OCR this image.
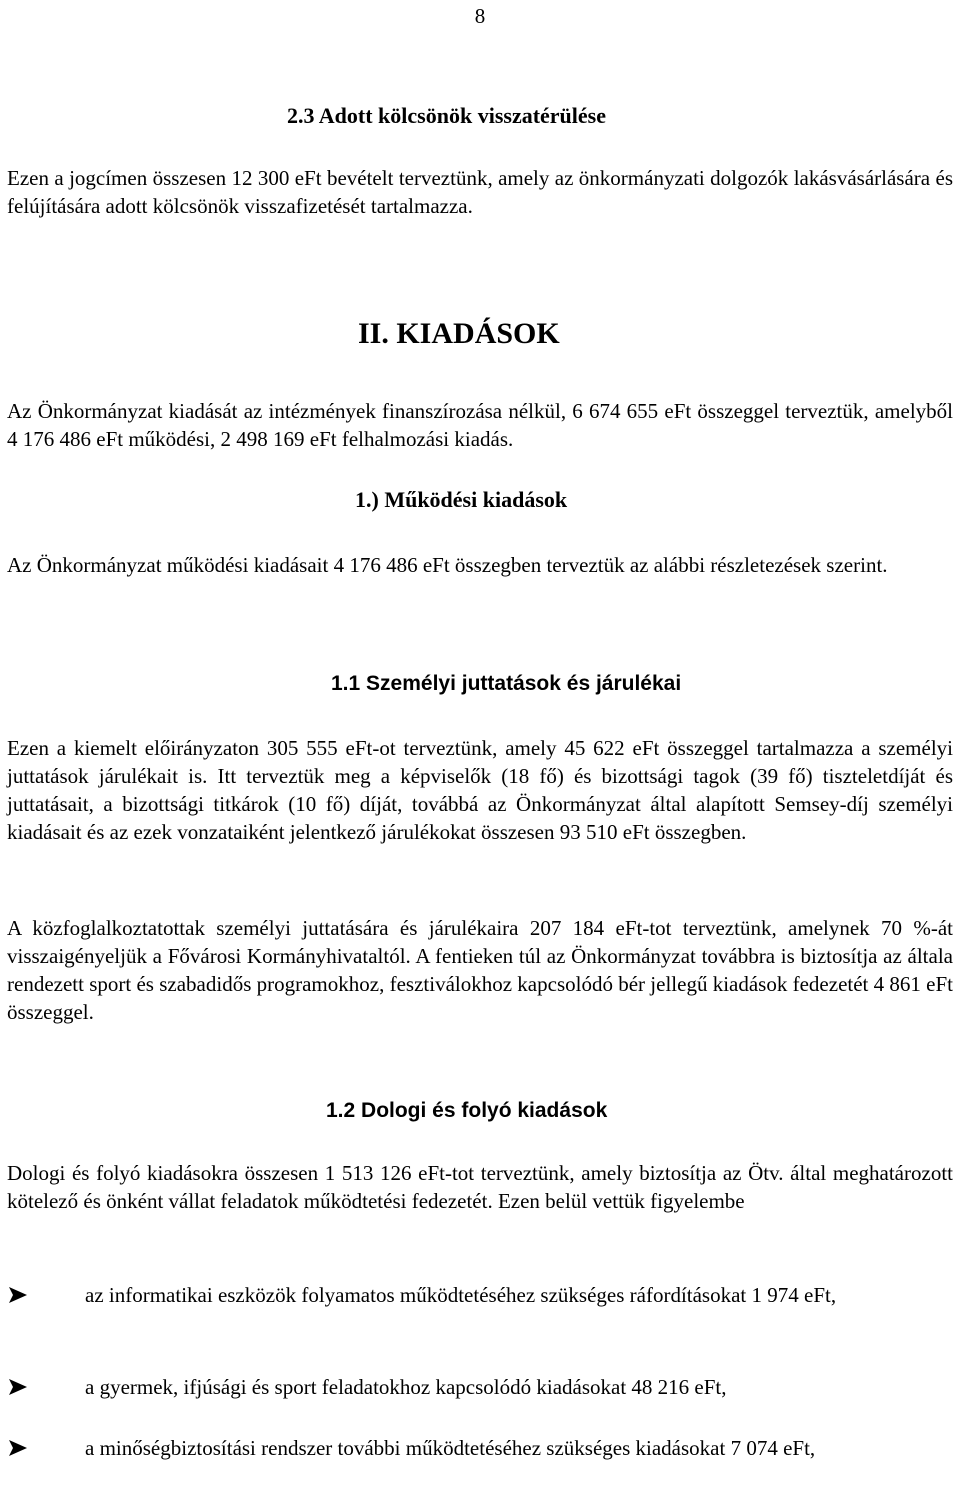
8
2.3 Adott kölcsönök visszatérülése
Ezen a jogcímen összesen 12 300 eFt bevételt terveztünk, amely az önkormányzati dolgozók lakásvásárlására és felújítására adott kölcsönök visszafizetését tartalmazza.
II. KIADÁSOK
Az Önkormányzat kiadását az intézmények finanszírozása nélkül, 6 674 655 eFt összeggel terveztük, amelyből 4 176 486 eFt működési, 2 498 169 eFt felhalmozási kiadás.
1.) Működési kiadások
Az Önkormányzat működési kiadásait 4 176 486 eFt összegben terveztük az alábbi részletezések szerint.
1.1 Személyi juttatások és járulékai
Ezen a kiemelt előirányzaton 305 555 eFt-ot terveztünk, amely 45 622 eFt összeggel tartalmazza a személyi juttatások járulékait is. Itt terveztük meg a képviselők (18 fő) és bizottsági tagok (39 fő) tiszteletdíját és juttatásait, a bizottsági titkárok (10 fő) díját, továbbá az Önkormányzat által alapított Semsey-díj személyi kiadásait és az ezek vonzataiként jelentkező járulékokat összesen 93 510 eFt összegben.
A közfoglalkoztatottak személyi juttatására és járulékaira 207 184 eFt-tot terveztünk, amelynek 70 %-át visszaigényeljük a Fővárosi Kormányhivataltól. A fentieken túl az Önkormányzat továbbra is biztosítja az általa rendezett sport és szabadidős programokhoz, fesztiválokhoz kapcsolódó bér jellegű kiadások fedezetét 4 861 eFt összeggel.
1.2 Dologi és folyó kiadások
Dologi és folyó kiadásokra összesen 1 513 126 eFt-tot terveztünk, amely biztosítja az Ötv. által meghatározott kötelező és önként vállat feladatok működtetési fedezetét. Ezen belül vettük figyelembe
az informatikai eszközök folyamatos működtetéséhez szükséges ráfordításokat 1 974 eFt,
a gyermek, ifjúsági és sport feladatokhoz kapcsolódó kiadásokat 48 216 eFt,
a minőségbiztosítási rendszer további működtetéséhez szükséges kiadásokat 7 074 eFt,
